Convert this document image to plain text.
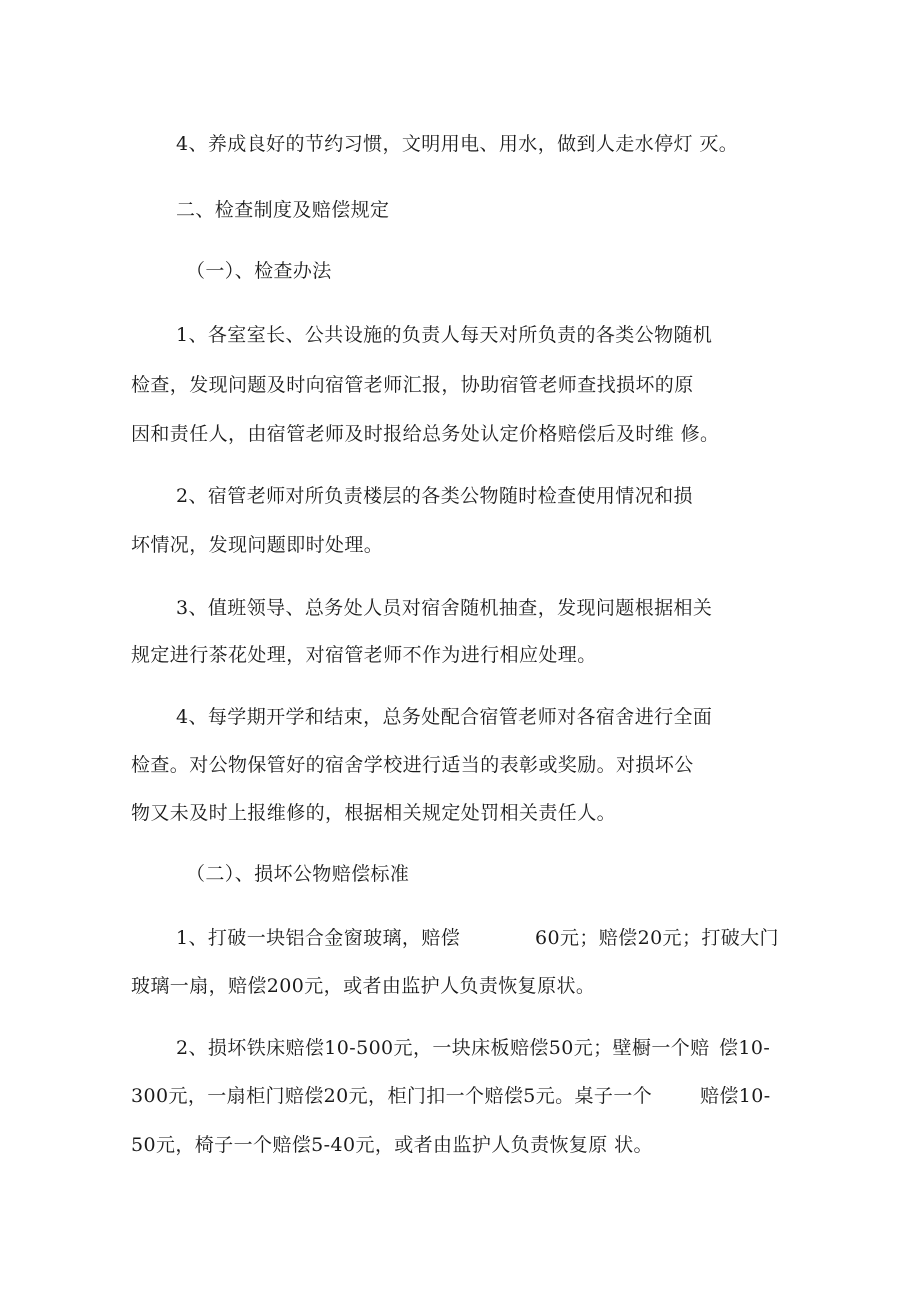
4、养成良好的节约习惯，文明用电、用水，做到人走水停灯 灭。

二、检查制度及赔偿规定

（一）、检查办法

1、各室室长、公共设施的负责人每天对所负责的各类公物随机

检查，发现问题及时向宿管老师汇报，协助宿管老师查找损坏的原

因和责任人，由宿管老师及时报给总务处认定价格赔偿后及时维 修。

2、宿管老师对所负责楼层的各类公物随时检查使用情况和损

坏情况，发现问题即时处理。

3、值班领导、总务处人员对宿舍随机抽查，发现问题根据相关

规定进行茶花处理，对宿管老师不作为进行相应处理。

4、每学期开学和结束，总务处配合宿管老师对各宿舍进行全面

检查。对公物保管好的宿舍学校进行适当的表彰或奖励。对损坏公

物又未及时上报维修的，根据相关规定处罚相关责任人。

（二）、损坏公物赔偿标准

1、打破一块铝合金窗玻璃，赔偿	60元；赔偿20元；打破大门

玻璃一扇，赔偿200元，或者由监护人负责恢复原状。

2、损坏铁床赔偿10-500元，一块床板赔偿50元；壁橱一个赔 偿10-

300元，一扇柜门赔偿20元，柜门扣一个赔偿5元。桌子一个	赔偿10-

50元，椅子一个赔偿5-40元，或者由监护人负责恢复原 状。
